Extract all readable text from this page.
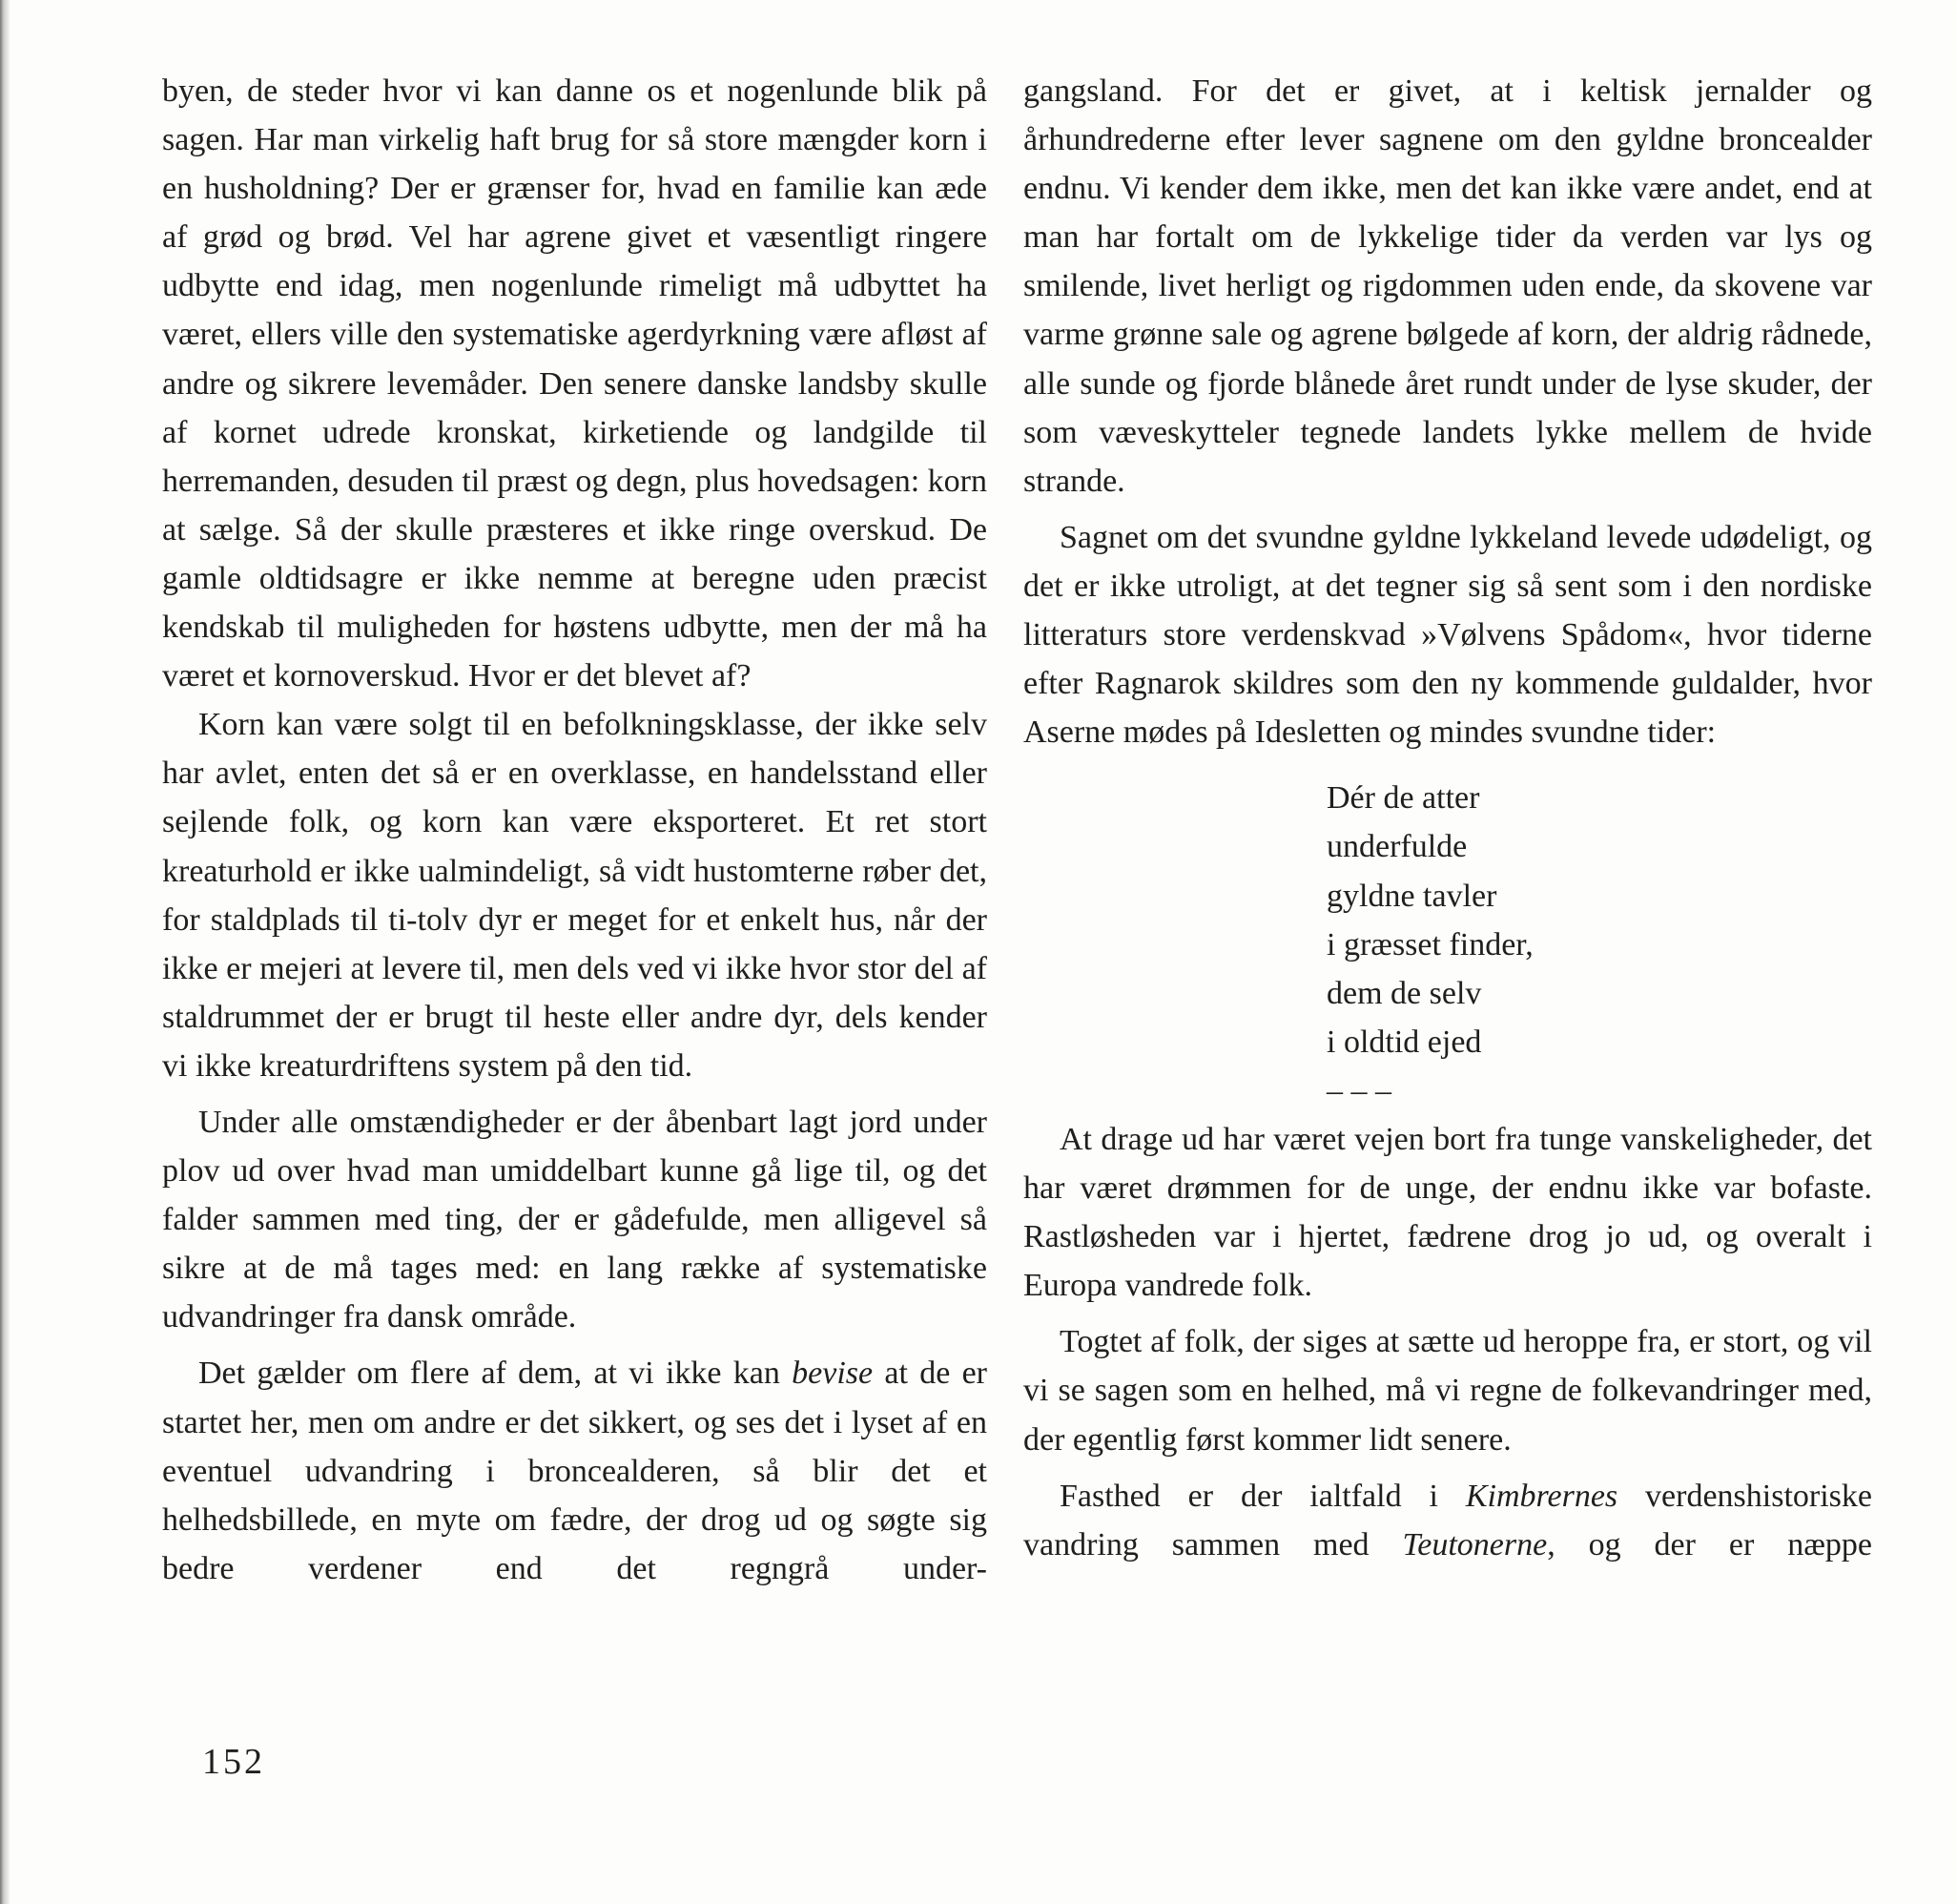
byen, de steder hvor vi kan danne os et nogenlunde blik på sagen. Har man virkelig haft brug for så store mængder korn i en husholdning? Der er grænser for, hvad en familie kan æde af grød og brød. Vel har agrene givet et væsentligt ringere udbytte end idag, men nogenlunde rimeligt må udbyttet ha været, ellers ville den systematiske agerdyrkning være afløst af andre og sikrere levemåder. Den senere danske landsby skulle af kornet udrede kronskat, kirketiende og landgilde til herremanden, desuden til præst og degn, plus hovedsagen: korn at sælge. Så der skulle præsteres et ikke ringe overskud. De gamle oldtidsagre er ikke nemme at beregne uden præcist kendskab til muligheden for høstens udbytte, men der må ha været et kornoverskud. Hvor er det blevet af?

Korn kan være solgt til en befolkningsklasse, der ikke selv har avlet, enten det så er en overklasse, en handelsstand eller sejlende folk, og korn kan være eksporteret. Et ret stort kreaturhold er ikke ualmindeligt, så vidt hustomterne røber det, for staldplads til ti-tolv dyr er meget for et enkelt hus, når der ikke er mejeri at levere til, men dels ved vi ikke hvor stor del af staldrummet der er brugt til heste eller andre dyr, dels kender vi ikke kreaturdriftens system på den tid.

Under alle omstændigheder er der åbenbart lagt jord under plov ud over hvad man umiddelbart kunne gå lige til, og det falder sammen med ting, der er gådefulde, men alligevel så sikre at de må tages med: en lang række af systematiske udvandringer fra dansk område.

Det gælder om flere af dem, at vi ikke kan bevise at de er startet her, men om andre er det sikkert, og ses det i lyset af en eventuel udvandring i broncealderen, så blir det et helhedsbillede, en myte om fædre, der drog ud og søgte sig bedre verdener end det regngrå under-

gangsland. For det er givet, at i keltisk jernalder og århundrederne efter lever sagnene om den gyldne broncealder endnu. Vi kender dem ikke, men det kan ikke være andet, end at man har fortalt om de lykkelige tider da verden var lys og smilende, livet herligt og rigdommen uden ende, da skovene var varme grønne sale og agrene bølgede af korn, der aldrig rådnede, alle sunde og fjorde blånede året rundt under de lyse skuder, der som væveskytteler tegnede landets lykke mellem de hvide strande.

Sagnet om det svundne gyldne lykkeland levede udødeligt, og det er ikke utroligt, at det tegner sig så sent som i den nordiske litteraturs store verdenskvad »Vølvens Spådom«, hvor tiderne efter Ragnarok skildres som den ny kommende guldalder, hvor Aserne mødes på Idesletten og mindes svundne tider:

Dér de atter
underfulde
gyldne tavler
i græsset finder,
dem de selv
i oldtid ejed
– – –

At drage ud har været vejen bort fra tunge vanskeligheder, det har været drømmen for de unge, der endnu ikke var bofaste. Rastløsheden var i hjertet, fædrene drog jo ud, og overalt i Europa vandrede folk.

Togtet af folk, der siges at sætte ud heroppe fra, er stort, og vil vi se sagen som en helhed, må vi regne de folkevandringer med, der egentlig først kommer lidt senere.

Fasthed er der ialtfald i Kimbrernes verdenshistoriske vandring sammen med Teutonerne, og der er næppe

152
